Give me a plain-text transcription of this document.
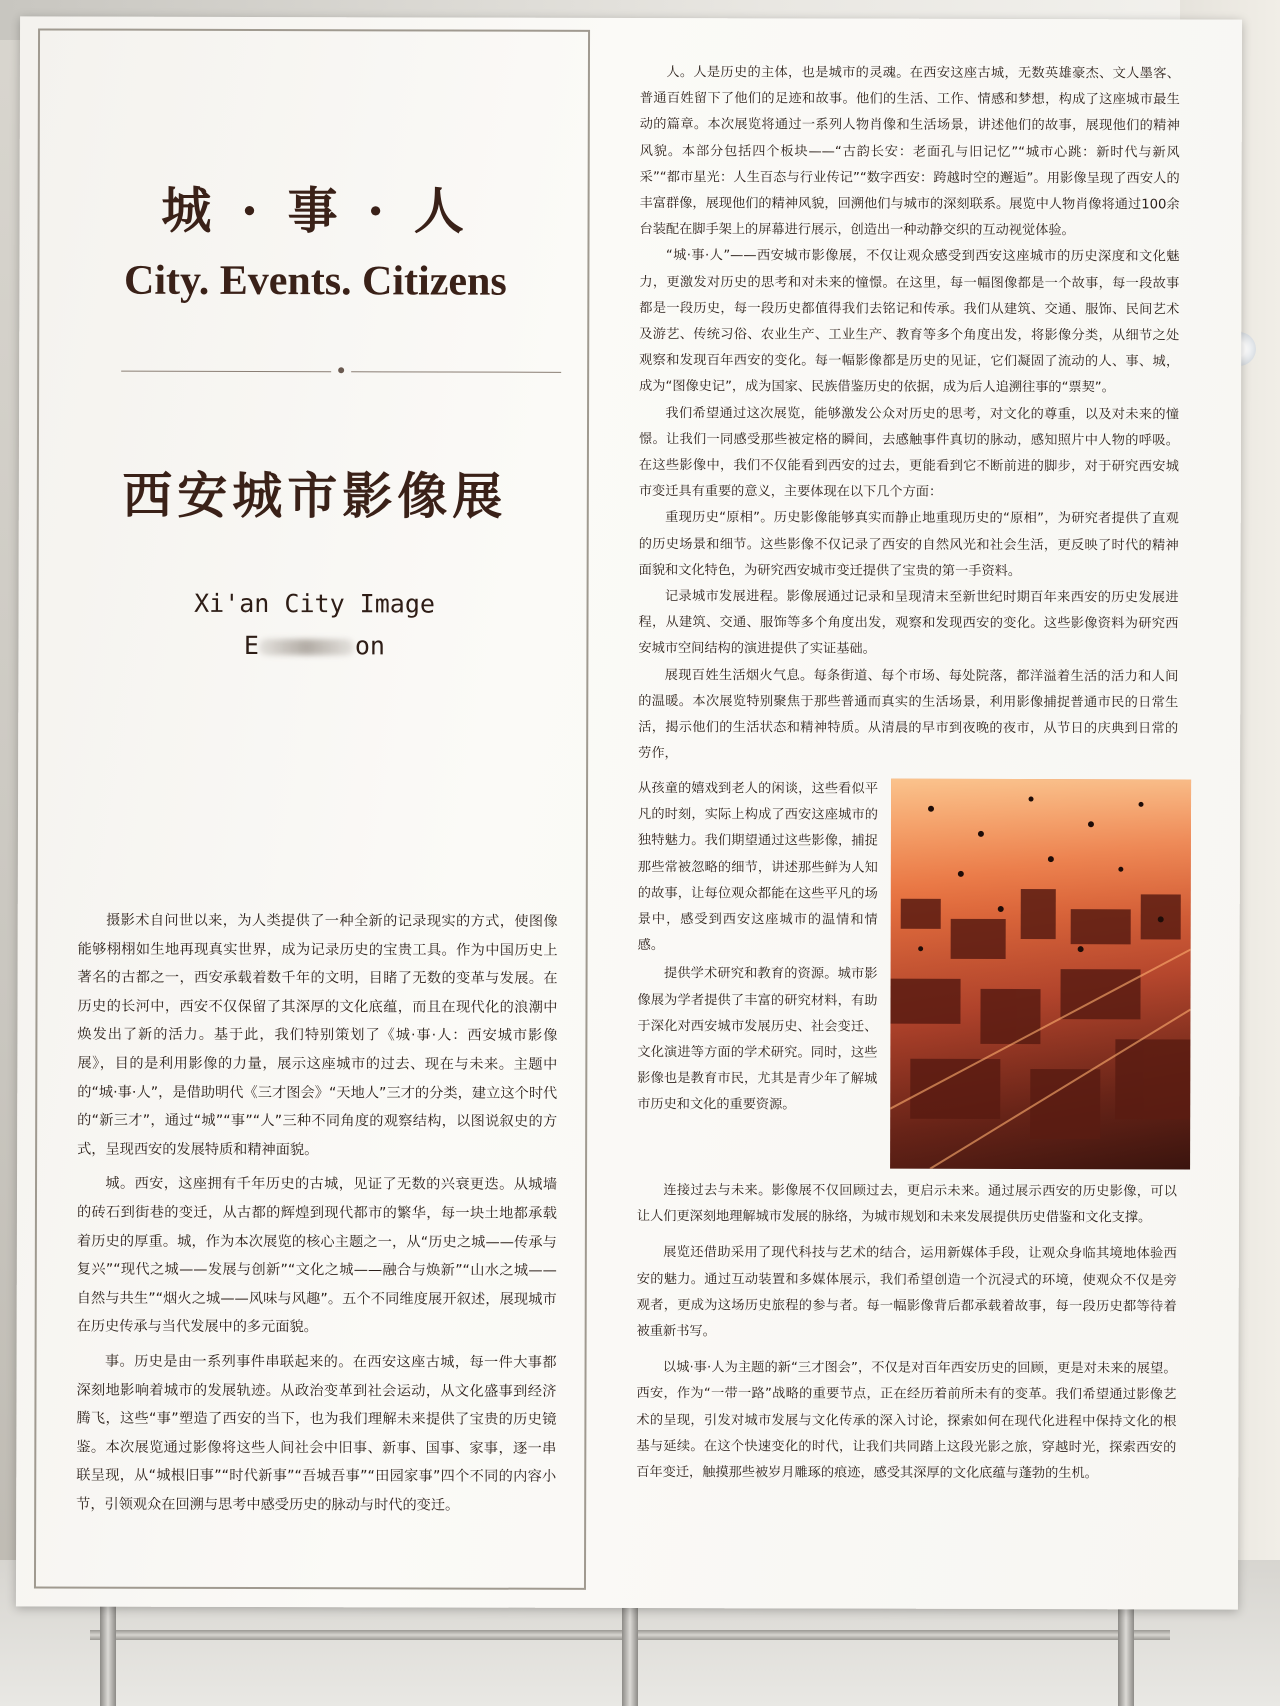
城 · 事 · 人
City. Events. Citizens
西安城市影像展
Xi'an City Image
E	on

摄影术自问世以来，为人类提供了一种全新的记录现实的方式，使图像能够栩栩如生地再现真实世界，成为记录历史的宝贵工具。作为中国历史上著名的古都之一，西安承载着数千年的文明，目睹了无数的变革与发展。在历史的长河中，西安不仅保留了其深厚的文化底蕴，而且在现代化的浪潮中焕发出了新的活力。基于此，我们特别策划了《城·事·人：西安城市影像展》，目的是利用影像的力量，展示这座城市的过去、现在与未来。主题中的“城·事·人”，是借助明代《三才图会》“天地人”三才的分类，建立这个时代的“新三才”，通过“城”“事”“人”三种不同角度的观察结构，以图说叙史的方式，呈现西安的发展特质和精神面貌。

城。西安，这座拥有千年历史的古城，见证了无数的兴衰更迭。从城墙的砖石到街巷的变迁，从古都的辉煌到现代都市的繁华，每一块土地都承载着历史的厚重。城，作为本次展览的核心主题之一，从“历史之城——传承与复兴”“现代之城——发展与创新”“文化之城——融合与焕新”“山水之城——自然与共生”“烟火之城——风味与风趣”。五个不同维度展开叙述，展现城市在历史传承与当代发展中的多元面貌。

事。历史是由一系列事件串联起来的。在西安这座古城，每一件大事都深刻地影响着城市的发展轨迹。从政治变革到社会运动，从文化盛事到经济腾飞，这些“事”塑造了西安的当下，也为我们理解未来提供了宝贵的历史镜鉴。本次展览通过影像将这些人间社会中旧事、新事、国事、家事，逐一串联呈现，从“城根旧事”“时代新事”“吾城吾事”“田园家事”四个不同的内容小节，引领观众在回溯与思考中感受历史的脉动与时代的变迁。

人。人是历史的主体，也是城市的灵魂。在西安这座古城，无数英雄豪杰、文人墨客、普通百姓留下了他们的足迹和故事。他们的生活、工作、情感和梦想，构成了这座城市最生动的篇章。本次展览将通过一系列人物肖像和生活场景，讲述他们的故事，展现他们的精神风貌。本部分包括四个板块——“古韵长安：老面孔与旧记忆”“城市心跳：新时代与新风采”“都市星光：人生百态与行业传记”“数字西安：跨越时空的邂逅”。用影像呈现了西安人的丰富群像，展现他们的精神风貌，回溯他们与城市的深刻联系。展览中人物肖像将通过100余台装配在脚手架上的屏幕进行展示，创造出一种动静交织的互动视觉体验。

“城·事·人”——西安城市影像展，不仅让观众感受到西安这座城市的历史深度和文化魅力，更激发对历史的思考和对未来的憧憬。在这里，每一幅图像都是一个故事，每一段故事都是一段历史，每一段历史都值得我们去铭记和传承。我们从建筑、交通、服饰、民间艺术及游艺、传统习俗、农业生产、工业生产、教育等多个角度出发，将影像分类，从细节之处观察和发现百年西安的变化。每一幅影像都是历史的见证，它们凝固了流动的人、事、城，成为“图像史记”，成为国家、民族借鉴历史的依据，成为后人追溯往事的“票契”。

我们希望通过这次展览，能够激发公众对历史的思考，对文化的尊重，以及对未来的憧憬。让我们一同感受那些被定格的瞬间，去感触事件真切的脉动，感知照片中人物的呼吸。在这些影像中，我们不仅能看到西安的过去，更能看到它不断前进的脚步，对于研究西安城市变迁具有重要的意义，主要体现在以下几个方面：

重现历史“原相”。历史影像能够真实而静止地重现历史的“原相”，为研究者提供了直观的历史场景和细节。这些影像不仅记录了西安的自然风光和社会生活，更反映了时代的精神面貌和文化特色，为研究西安城市变迁提供了宝贵的第一手资料。

记录城市发展进程。影像展通过记录和呈现清末至新世纪时期百年来西安的历史发展进程，从建筑、交通、服饰等多个角度出发，观察和发现西安的变化。这些影像资料为研究西安城市空间结构的演进提供了实证基础。

展现百姓生活烟火气息。每条街道、每个市场、每处院落，都洋溢着生活的活力和人间的温暖。本次展览特别聚焦于那些普通而真实的生活场景，利用影像捕捉普通市民的日常生活，揭示他们的生活状态和精神特质。从清晨的早市到夜晚的夜市，从节日的庆典到日常的劳作，

从孩童的嬉戏到老人的闲谈，这些看似平凡的时刻，实际上构成了西安这座城市的独特魅力。我们期望通过这些影像，捕捉那些常被忽略的细节，讲述那些鲜为人知的故事，让每位观众都能在这些平凡的场景中，感受到西安这座城市的温情和情感。

提供学术研究和教育的资源。城市影像展为学者提供了丰富的研究材料，有助于深化对西安城市发展历史、社会变迁、文化演进等方面的学术研究。同时，这些影像也是教育市民，尤其是青少年了解城市历史和文化的重要资源。

连接过去与未来。影像展不仅回顾过去，更启示未来。通过展示西安的历史影像，可以让人们更深刻地理解城市发展的脉络，为城市规划和未来发展提供历史借鉴和文化支撑。

展览还借助采用了现代科技与艺术的结合，运用新媒体手段，让观众身临其境地体验西安的魅力。通过互动装置和多媒体展示，我们希望创造一个沉浸式的环境，使观众不仅是旁观者，更成为这场历史旅程的参与者。每一幅影像背后都承载着故事，每一段历史都等待着被重新书写。

以城·事·人为主题的新“三才图会”，不仅是对百年西安历史的回顾，更是对未来的展望。西安，作为“一带一路”战略的重要节点，正在经历着前所未有的变革。我们希望通过影像艺术的呈现，引发对城市发展与文化传承的深入讨论，探索如何在现代化进程中保持文化的根基与延续。在这个快速变化的时代，让我们共同踏上这段光影之旅，穿越时光，探索西安的百年变迁，触摸那些被岁月雕琢的痕迹，感受其深厚的文化底蕴与蓬勃的生机。
